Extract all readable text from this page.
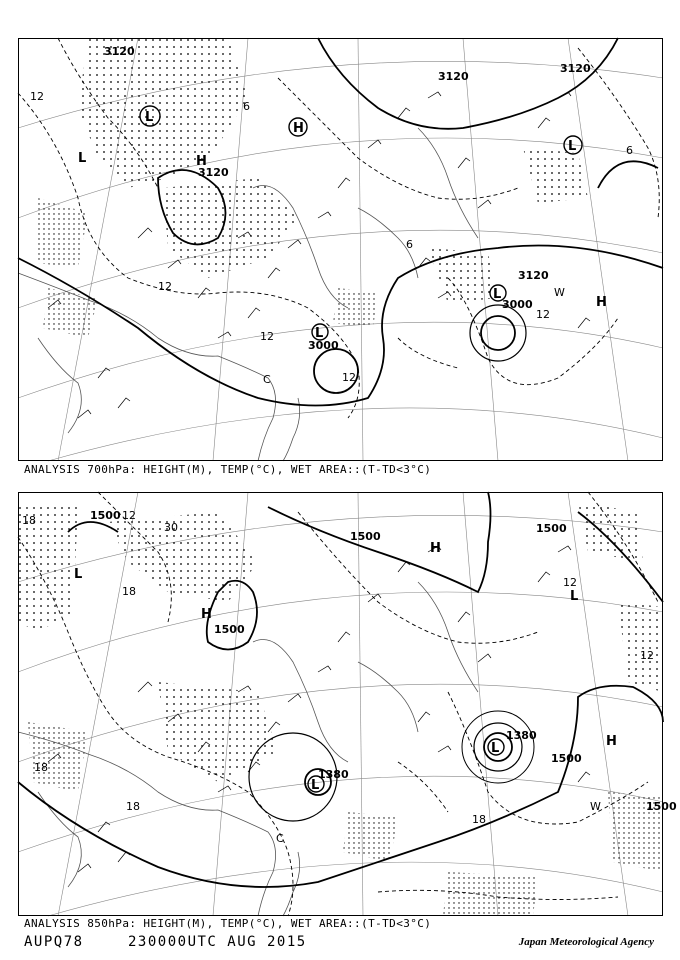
3120
3120
3120
3120
3120
3000
3000
12
12
12
12
12
6
6
6
L
H
L
L
L
L	H
H
C
W
ANALYSIS 700hPa: HEIGHT(M), TEMP(°C), WET AREA::(T-TD<3°C)
1500
1500
1500
1500
1500
1500
1380
1380
18
18
18
18
18
12
12
12
30
H
L
L
H
H
L
L
C
W
ANALYSIS 850hPa: HEIGHT(M), TEMP(°C), WET AREA::(T-TD<3°C)
AUPQ78	230000UTC AUG 2015	Japan Meteorological Agency
